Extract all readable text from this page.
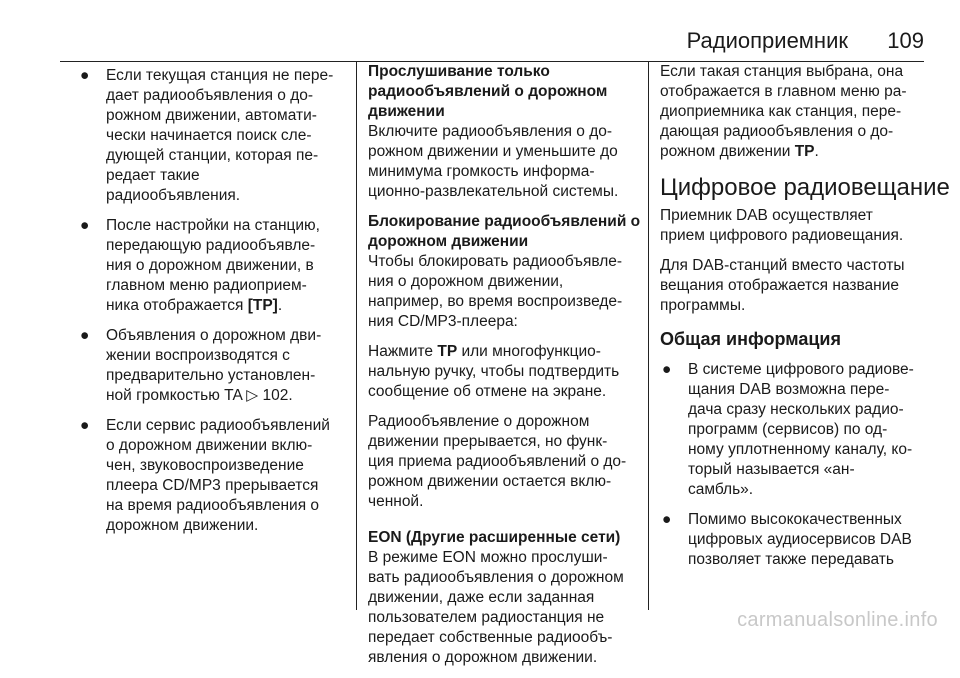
Радиоприемник 109
● Если текущая станция не пере-
дает радиообъявления о до-
рожном движении, автомати-
чески начинается поиск сле-
дующей станции, которая пе-
редает такие
радиообъявления.
● После настройки на станцию,
передающую радиообъявле-
ния о дорожном движении, в
главном меню радиоприем-
ника отображается [TP].
● Объявления о дорожном дви-
жении воспроизводятся с
предварительно установлен-
ной громкостью TA ▷ 102.
● Если сервис радиообъявлений
о дорожном движении вклю-
чен, звуковоспроизведение
плеера CD/MP3 прерывается
на время радиообъявления о
дорожном движении.
Прослушивание только
радиообъявлений о дорожном
движении
Включите радиообъявления о до-
рожном движении и уменьшите до
минимума громкость информа-
ционно-развлекательной системы.
Блокирование радиообъявлений о
дорожном движении
Чтобы блокировать радиообъявле-
ния о дорожном движении,
например, во время воспроизведе-
ния CD/MP3-плеера:
Нажмите TP или многофункцио-
нальную ручку, чтобы подтвердить
сообщение об отмене на экране.
Радиообъявление о дорожном
движении прерывается, но функ-
ция приема радиообъявлений о до-
рожном движении остается вклю-
ченной.
EON (Другие расширенные сети)
В режиме EON можно прослуши-
вать радиообъявления о дорожном
движении, даже если заданная
пользователем радиостанция не
передает собственные радиообъ-
явления о дорожном движении.
Если такая станция выбрана, она
отображается в главном меню ра-
диоприемника как станция, пере-
дающая радиообъявления о до-
рожном движении TP.
Цифровое радиовещание
Приемник DAB осуществляет
прием цифрового радиовещания.
Для DAB-станций вместо частоты
вещания отображается название
программы.
Общая информация
● В системе цифрового радиове-
щания DAB возможна пере-
дача сразу нескольких радио-
программ (сервисов) по од-
ному уплотненному каналу, ко-
торый называется «ан-
самбль».
● Помимо высококачественных
цифровых аудиосервисов DAB
позволяет также передавать
carmanualsonline.info
